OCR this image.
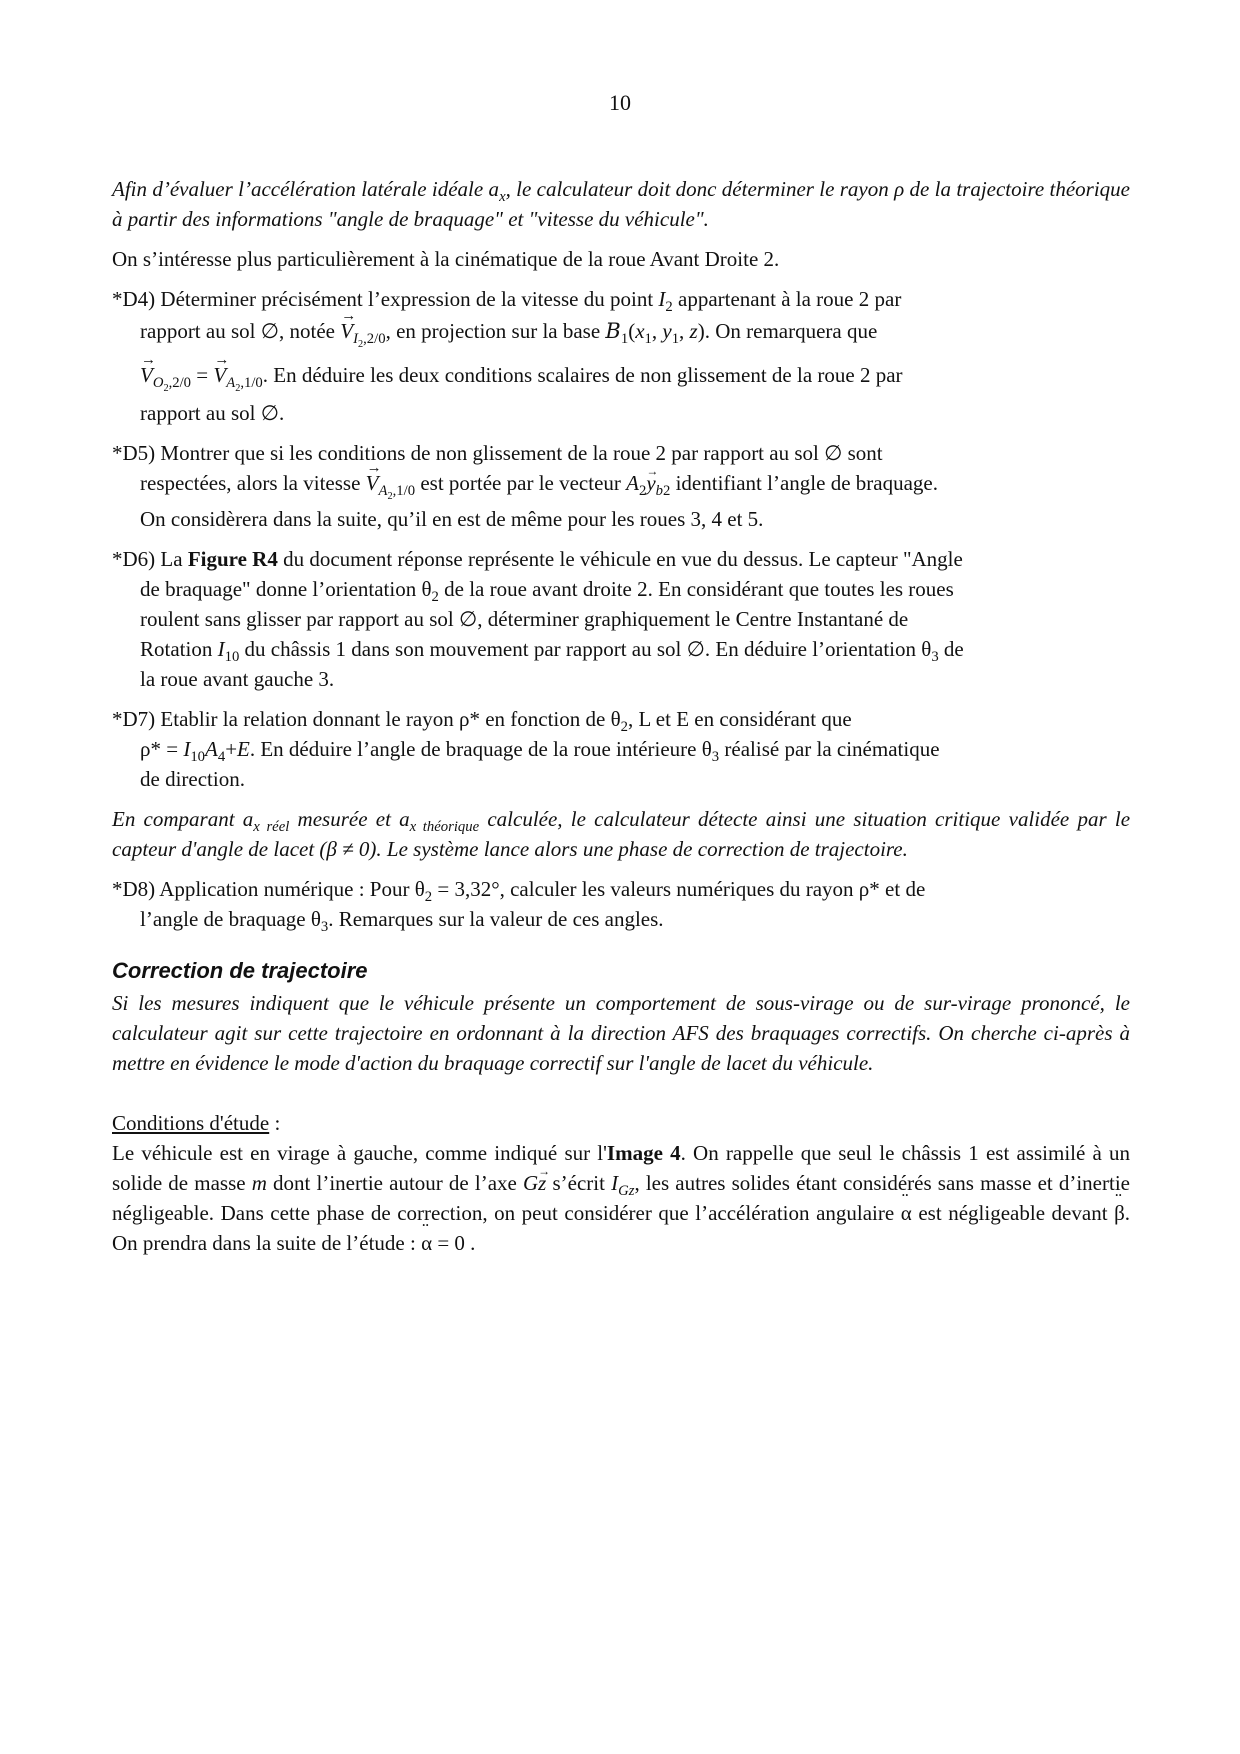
10

Afin d’évaluer l’accélération latérale idéale $a_x$, le calculateur doit donc déterminer le rayon ρ de la trajectoire théorique à partir des informations "angle de braquage" et "vitesse du véhicule".

On s’intéresse plus particulièrement à la cinématique de la roue Avant Droite 2.

*D4) Déterminer précisément l’expression de la vitesse du point $I_2$ appartenant à la roue 2 par

rapport au sol ∅, notée → $V_{I_2,2/0}$, en projection sur la base $B_1(x_1$, $y_1$, z). On remarquera que

→ $V_{O_2,2/0}$ = → $V_{A_2,1/0}$. En déduire les deux conditions scalaires de non glissement de la roue 2 par

rapport au sol ∅.

*D5) Montrer que si les conditions de non glissement de la roue 2 par rapport au sol ∅ sont

respectées, alors la vitesse → $V_{A_2,1/0}$ est portée par le vecteur $A_2\to y_{b2}$ identifiant l’angle de braquage.

On considèrera dans la suite, qu’il en est de même pour les roues 3, 4 et 5.

*D6) La Figure R4 du document réponse représente le véhicule en vue du dessus. Le capteur "Angle

de braquage" donne l’orientation $\theta_2$ de la roue avant droite 2. En considérant que toutes les roues

roulent sans glisser par rapport au sol ∅, déterminer graphiquement le Centre Instantané de

Rotation $I_{10}$ du châssis 1 dans son mouvement par rapport au sol ∅. En déduire l’orientation $\theta_3$ de

la roue avant gauche 3.

*D7) Etablir la relation donnant le rayon ρ* en fonction de $\theta_2$, L et E en considérant que

$\rho* = I_{10}A_4+E$. En déduire l’angle de braquage de la roue intérieure $\theta_3$ réalisé par la cinématique

de direction.

En comparant $a_{x réel}$ mesurée et $a_{x théorique}$ calculée, le calculateur détecte ainsi une situation critique validée par le capteur d'angle de lacet (β ≠ 0). Le système lance alors une phase de correction de trajectoire.

*D8) Application numérique : Pour $\theta_2 = 3,32^\circ$, calculer les valeurs numériques du rayon ρ* et de

l’angle de braquage $\theta_3$. Remarques sur la valeur de ces angles.

Correction de trajectoire

Si les mesures indiquent que le véhicule présente un comportement de sous-virage ou de sur-virage prononcé, le calculateur agit sur cette trajectoire en ordonnant à la direction AFS des braquages correctifs. On cherche ci-après à mettre en évidence le mode d'action du braquage correctif sur l'angle de lacet du véhicule.

Conditions d'étude :

Le véhicule est en virage à gauche, comme indiqué sur l'Image 4. On rappelle que seul le châssis 1 est assimilé à un solide de masse m dont l’inertie autour de l’axe G→ z s’écrit $I_{Gz}$, les autres solides étant considérés sans masse et d’inertie négligeable. Dans cette phase de correction, on peut considérer que l’accélération angulaire ¨ α est négligeable devant ¨ β. On prendra dans la suite de l’étude : ¨ α = 0 .
